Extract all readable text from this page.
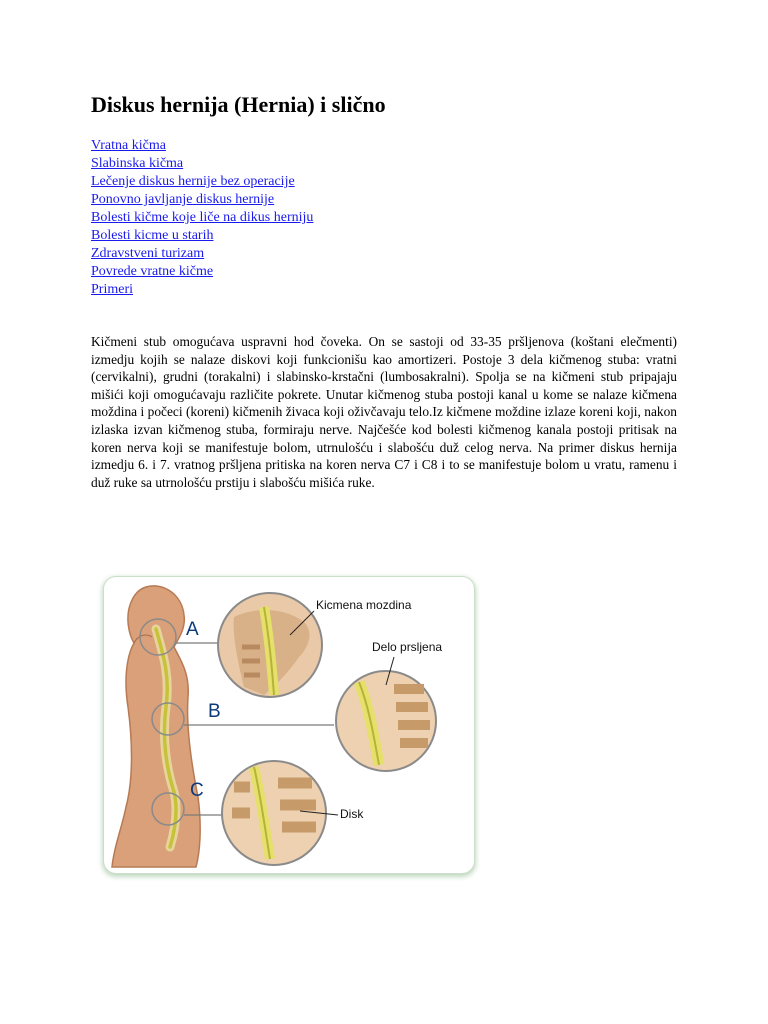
Diskus hernija (Hernia) i slično
Vratna kičma
Slabinska kičma
Lečenje diskus hernije bez operacije
Ponovno javljanje diskus hernije
Bolesti kičme koje liče na dikus herniju
Bolesti kicme u starih
Zdravstveni turizam
Povrede vratne kičme
Primeri

Kičmeni stub omogućava uspravni hod čoveka. On se sastoji od 33-35 pršljenova (koštani elečmenti) izmedju kojih se nalaze diskovi koji funkcionišu kao amortizeri. Postoje 3 dela kičmenog stuba: vratni (cervikalni), grudni (torakalni) i slabinsko-krstačni (lumbosakralni). Spolja se na kičmeni stub pripajaju mišići koji omogućavaju različite pokrete. Unutar kičmenog stuba postoji kanal u kome se nalaze kičmena moždina i počeci (koreni) kičmenih živaca koji oživčavaju telo.Iz kičmene moždine izlaze koreni koji, nakon izlaska izvan kičmenog stuba, formiraju nerve. Najčešće kod bolesti kičmenog kanala postoji pritisak na koren nerva koji se manifestuje bolom, utrnulošću i slabošću duž celog nerva. Na primer diskus hernija izmedju 6. i 7. vratnog pršljena pritiska na koren nerva C7 i C8 i to se manifestuje bolom u vratu, ramenu i duž ruke sa utrnološću prstiju i slabošću mišića ruke.

A
B
C
Kicmena mozdina
Delo prsljena
Disk
